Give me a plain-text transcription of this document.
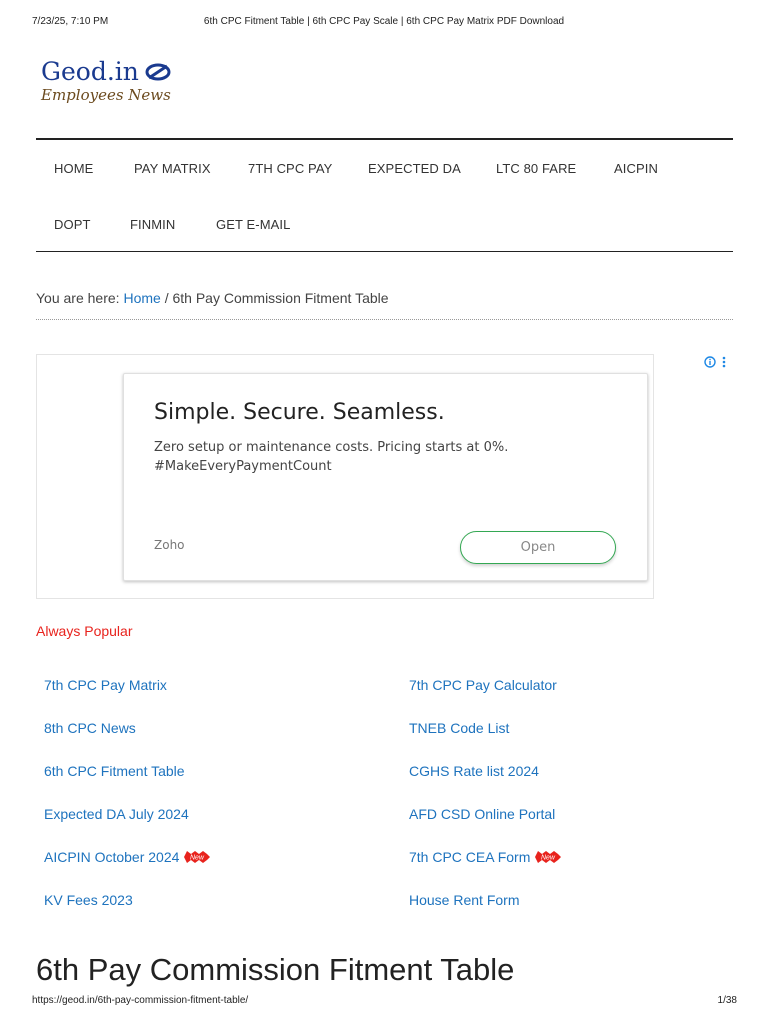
7/23/25, 7:10 PM	6th CPC Fitment Table | 6th CPC Pay Scale | 6th CPC Pay Matrix PDF Download
Geod.in
Employees News
HOME	PAY MATRIX	7TH CPC PAY	EXPECTED DA	LTC 80 FARE	AICPIN
DOPT	FINMIN	GET E-MAIL
You are here: Home / 6th Pay Commission Fitment Table
Simple. Secure. Seamless.
Zero setup or maintenance costs. Pricing starts at 0%.
#MakeEveryPaymentCount
Zoho	Open
Always Popular
7th CPC Pay Matrix
8th CPC News
6th CPC Fitment Table
Expected DA July 2024
AICPIN October 2024 New
KV Fees 2023
7th CPC Pay Calculator
TNEB Code List
CGHS Rate list 2024
AFD CSD Online Portal
7th CPC CEA Form New
House Rent Form
6th Pay Commission Fitment Table
https://geod.in/6th-pay-commission-fitment-table/	1/38
